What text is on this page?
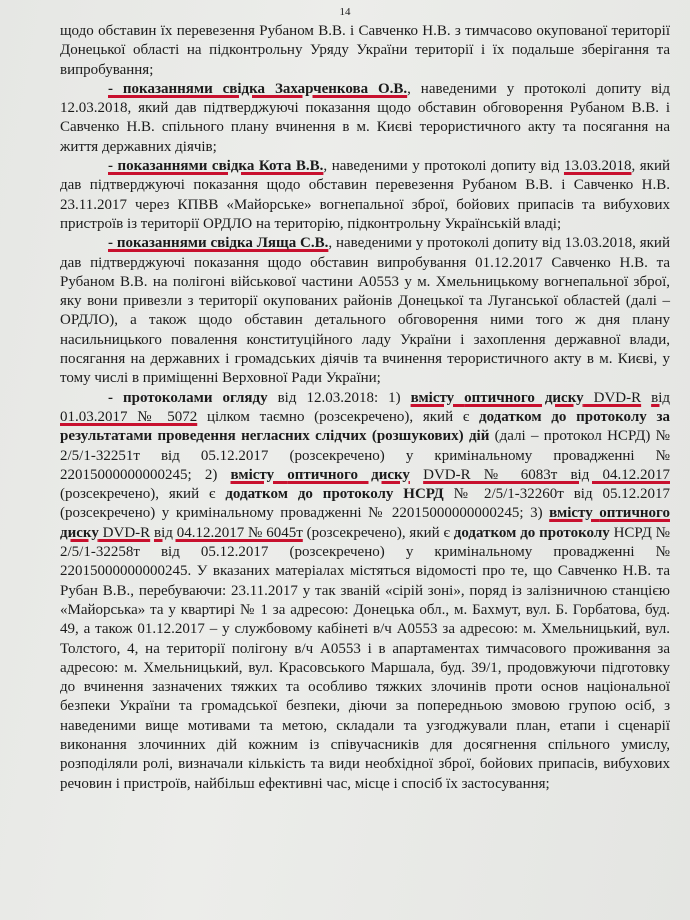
14

щодо обставин їх перевезення Рубаном В.В. і Савченко Н.В. з тимчасово окупованої території Донецької області на підконтрольну Уряду України території і їх подальше зберігання та випробування;

- показаннями свідка Захарченкова О.В., наведеними у протоколі допиту від 12.03.2018, який дав підтверджуючі показання щодо обставин обговорення Рубаном В.В. і Савченко Н.В. спільного плану вчинення в м. Києві терористичного акту та посягання на життя державних діячів;

- показаннями свідка Кота В.В., наведеними у протоколі допиту від 13.03.2018, який дав підтверджуючі показання щодо обставин перевезення Рубаном В.В. і Савченко Н.В. 23.11.2017 через КПВВ «Майорське» вогнепальної зброї, бойових припасів та вибухових пристроїв із території ОРДЛО на територію, підконтрольну Українській владі;

- показаннями свідка Ляща С.В., наведеними у протоколі допиту від 13.03.2018, який дав підтверджуючі показання щодо обставин випробування 01.12.2017 Савченко Н.В. та Рубаном В.В. на полігоні військової частини А0553 у м. Хмельницькому вогнепальної зброї, яку вони привезли з території окупованих районів Донецької та Луганської областей (далі – ОРДЛО), а також щодо обставин детального обговорення ними того ж дня плану насильницького повалення конституційного ладу України і захоплення державної влади, посягання на державних і громадських діячів та вчинення терористичного акту в м. Києві, у тому числі в приміщенні Верховної Ради України;

- протоколами огляду від 12.03.2018: 1) вмісту оптичного диску DVD-R від 01.03.2017 № 5072 цілком таємно (розсекречено), який є додатком до протоколу за результатами проведення негласних слідчих (розшукових) дій (далі – протокол НСРД) № 2/5/1-32251т від 05.12.2017 (розсекречено) у кримінальному провадженні № 22015000000000245; 2) вмісту оптичного диску DVD-R № 6083т від 04.12.2017 (розсекречено), який є додатком до протоколу НСРД № 2/5/1-32260т від 05.12.2017 (розсекречено) у кримінальному провадженні № 22015000000000245; 3) вмісту оптичного диску DVD-R від 04.12.2017 № 6045т (розсекречено), який є додатком до протоколу НСРД № 2/5/1-32258т від 05.12.2017 (розсекречено) у кримінальному провадженні № 22015000000000245. У вказаних матеріалах містяться відомості про те, що Савченко Н.В. та Рубан В.В., перебуваючи: 23.11.2017 у так званій «сірій зоні», поряд із залізничною станцією «Майорська» та у квартирі № 1 за адресою: Донецька обл., м. Бахмут, вул. Б. Горбатова, буд. 49, а також 01.12.2017 – у службовому кабінеті в/ч А0553 за адресою: м. Хмельницький, вул. Толстого, 4, на території полігону в/ч А0553 і в апартаментах тимчасового проживання за адресою: м. Хмельницький, вул. Красовського Маршала, буд. 39/1, продовжуючи підготовку до вчинення зазначених тяжких та особливо тяжких злочинів проти основ національної безпеки України та громадської безпеки, діючи за попередньою змовою групою осіб, з наведеними вище мотивами та метою, складали та узгоджували план, етапи і сценарії виконання злочинних дій кожним із співучасників для досягнення спільного умислу, розподіляли ролі, визначали кількість та види необхідної зброї, бойових припасів, вибухових речовин і пристроїв, найбільш ефективні час, місце і спосіб їх застосування;
